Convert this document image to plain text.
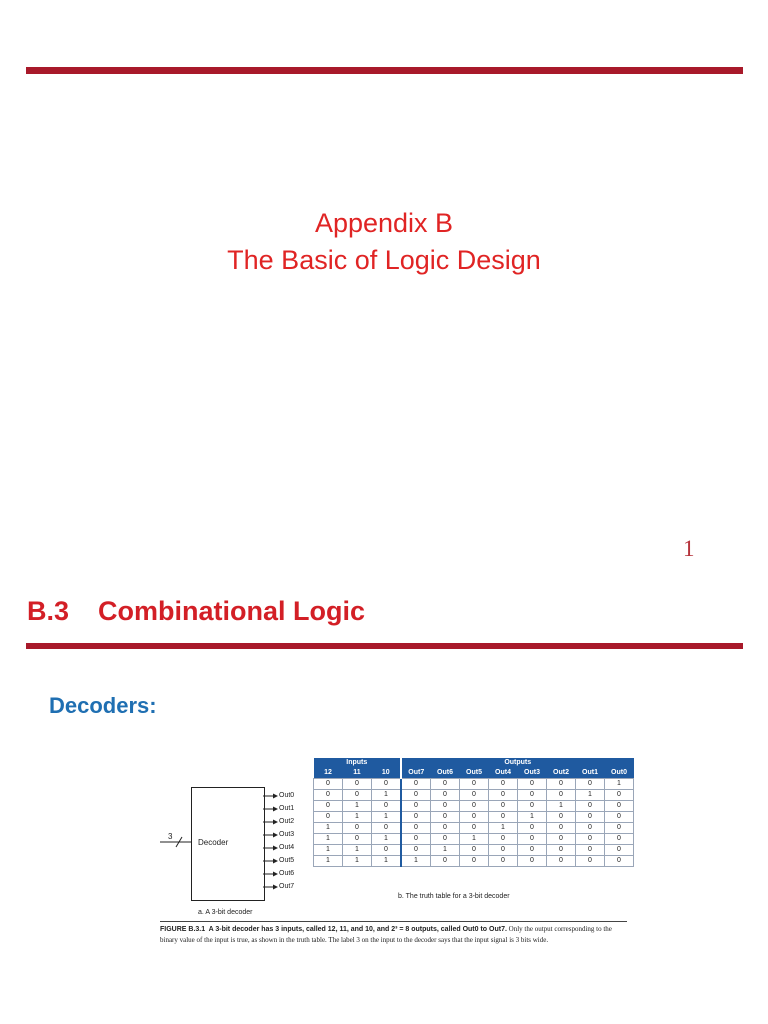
Appendix B
The Basic of Logic Design
1
B.3 Combinational Logic
Decoders:
3
Decoder
Out0
Out1
Out2
Out3
Out4
Out5
Out6
Out7
a. A 3-bit decoder
Inputs			Outputs							
12	11	10	Out7	Out6	Out5	Out4	Out3	Out2	Out1	Out0
0	0	0	0	0	0	0	0	0	0	1
0	0	1	0	0	0	0	0	0	1	0
0	1	0	0	0	0	0	0	1	0	0
0	1	1	0	0	0	0	1	0	0	0
1	0	0	0	0	0	1	0	0	0	0
1	0	1	0	0	1	0	0	0	0	0
1	1	0	0	1	0	0	0	0	0	0
1	1	1	1	0	0	0	0	0	0	0
b. The truth table for a 3-bit decoder
FIGURE B.3.1 A 3-bit decoder has 3 inputs, called 12, 11, and 10, and 2³ = 8 outputs, called Out0 to Out7. Only the output corresponding to the binary value of the input is true, as shown in the truth table. The label 3 on the input to the decoder says that the input signal is 3 bits wide.
